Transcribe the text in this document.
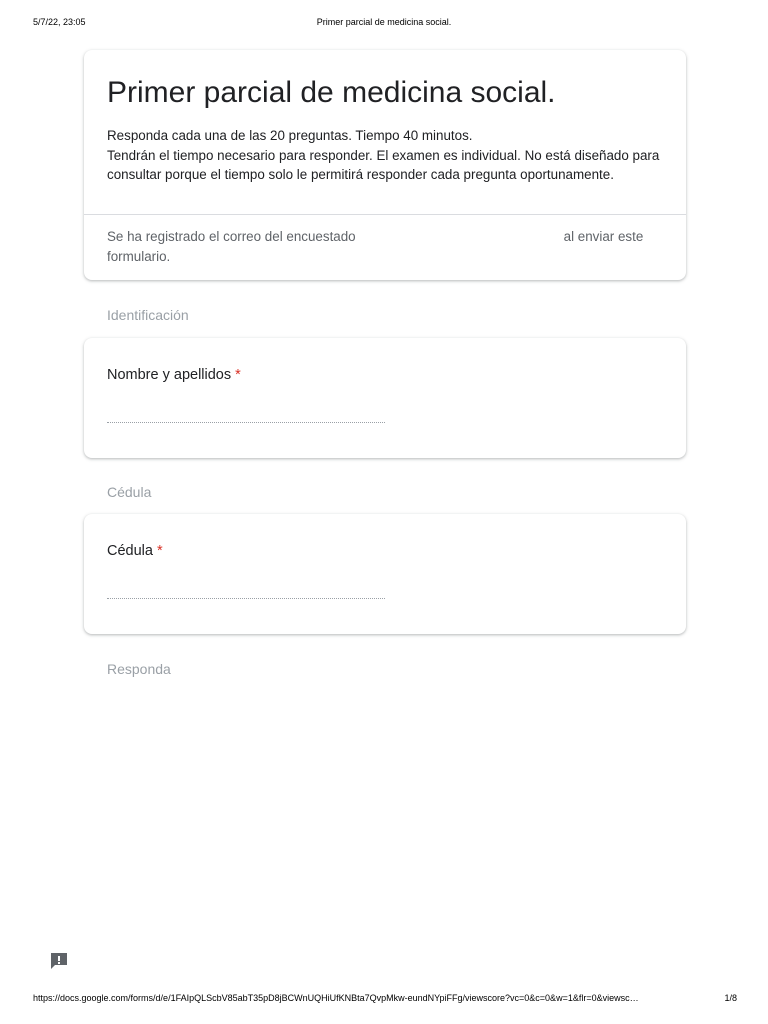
5/7/22, 23:05	Primer parcial de medicina social.
Primer parcial de medicina social.
Responda cada una de las 20 preguntas. Tiempo 40 minutos.
Tendrán el tiempo necesario para responder. El examen es individual. No está diseñado para consultar porque el tiempo solo le permitirá responder cada pregunta oportunamente.
Se ha registrado el correo del encuestado	al enviar este formulario.
Identificación
Nombre y apellidos *
Cédula
Cédula *
Responda
https://docs.google.com/forms/d/e/1FAIpQLScbV85abT35pD8jBCWnUQHiUfKNBta7QvpMkw-eundNYpiFFg/viewscore?vc=0&c=0&w=1&flr=0&viewsc…	1/8
